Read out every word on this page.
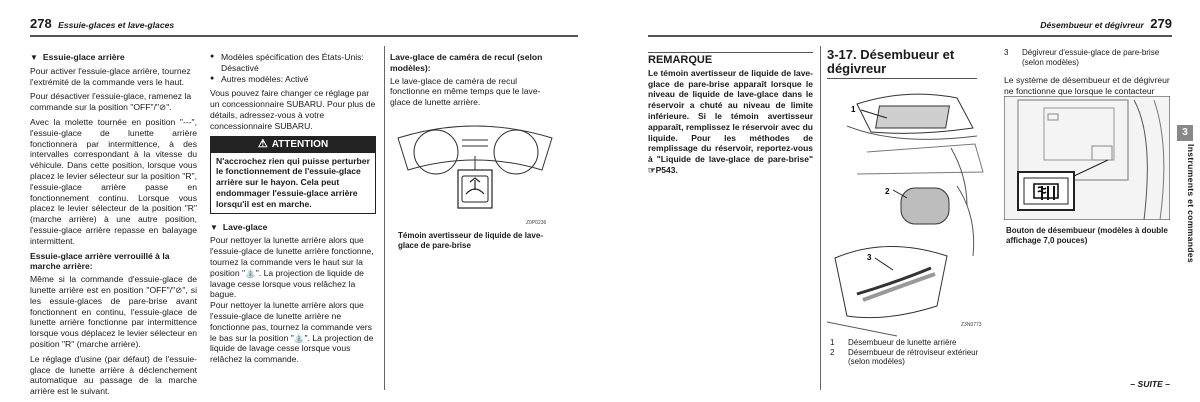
278 Essuie-glaces et lave-glaces
▼ Essuie-glace arrière

Pour activer l'essuie-glace arrière, tournez l'extrémité de la commande vers le haut.

Pour désactiver l'essuie-glace, ramenez la commande sur la position "OFF"/"⊘".

Avec la molette tournée en position "---", l'essuie-glace de lunette arrière fonctionnera par intermittence, à des intervalles correspondant à la vitesse du véhicule. Dans cette position, lorsque vous placez le levier sélecteur sur la position "R", l'essuie-glace arrière passe en fonctionnement continu. Lorsque vous placez le levier sélecteur de la position "R" (marche arrière) à une autre position, l'essuie-glace arrière repasse en balayage intermittent.

Essuie-glace arrière verrouillé à la marche arrière:

Même si la commande d'essuie-glace de lunette arrière est en position "OFF"/"⊘", si les essuie-glaces de pare-brise avant fonctionnent en continu, l'essuie-glace de lunette arrière fonctionne par intermittence lorsque vous déplacez le levier sélecteur en position "R" (marche arrière).

Le réglage d'usine (par défaut) de l'essuie-glace de lunette arrière à déclenchement automatique au passage de la marche arrière est le suivant.

● Modèles spécification des États-Unis: Désactivé
● Autres modèles: Activé

Vous pouvez faire changer ce réglage par un concessionnaire SUBARU. Pour plus de détails, adressez-vous à votre concessionnaire SUBARU.

⚠ ATTENTION
N'accrochez rien qui puisse perturber le fonctionnement de l'essuie-glace arrière sur le hayon. Cela peut endommager l'essuie-glace arrière lorsqu'il est en marche.
▼ Lave-glace

Pour nettoyer la lunette arrière alors que l'essuie-glace de lunette arrière fonctionne, tournez la commande vers le haut sur la position "⛲". La projection de liquide de lavage cesse lorsque vous relâchez la bague.

Pour nettoyer la lunette arrière alors que l'essuie-glace de lunette arrière ne fonctionne pas, tournez la commande vers le bas sur la position "⛲". La projection de liquide de lavage cesse lorsque vous relâchez la commande.

Lave-glace de caméra de recul (selon modèles):

Le lave-glace de caméra de recul fonctionne en même temps que le lave-glace de lunette arrière.

Z0P0236
Témoin avertisseur de liquide de lave-glace de pare-brise
Désembueur et dégivreur 279
REMARQUE
Le témoin avertisseur de liquide de lave-glace de pare-brise apparaît lorsque le niveau de liquide de lave-glace dans le réservoir a chuté au niveau de limite inférieure. Si le témoin avertisseur apparaît, remplissez le réservoir avec du liquide. Pour les méthodes de remplissage du réservoir, reportez-vous à "Liquide de lave-glace de pare-brise" ☞P543.
3-17. Désembueur et dégivreur
1
2
3
Z3N0773
1 Désembueur de lunette arrière
2	Désembueur de rétroviseur extérieur (selon modèles)
3	Dégivreur d'essuie-glace de pare-brise (selon modèles)

Le système de désembueur et de dégivreur ne fonctionne que lorsque le contacteur

Bouton de désembueur (modèles à double affichage 7,0 pouces)
3
Instruments et commandes
– SUITE –
